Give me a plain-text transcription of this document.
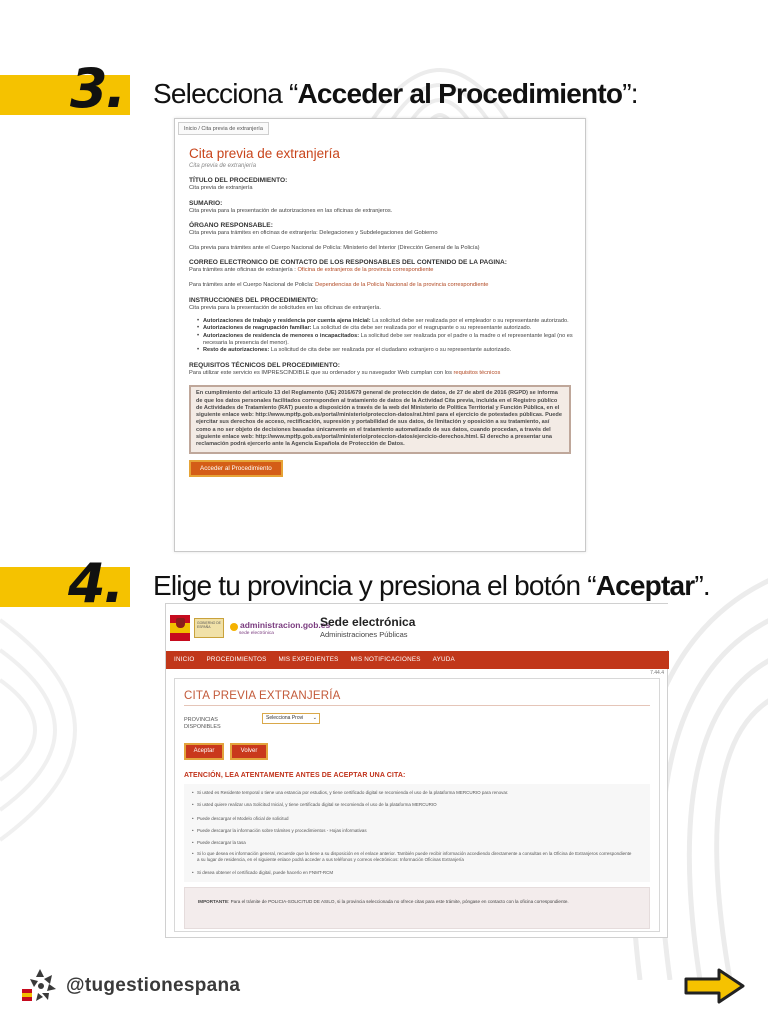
3. Selecciona “Acceder al Procedimiento”:
Inicio / Cita previa de extranjería
Cita previa de extranjería
Cita previa de extranjería
TÍTULO DEL PROCEDIMIENTO:
Cita previa de extranjería
SUMARIO:
Cita previa para la presentación de autorizaciones en las oficinas de extranjeros.
ÓRGANO RESPONSABLE:
Cita previa para trámites en oficinas de extranjería: Delegaciones y Subdelegaciones del Gobierno
Cita previa para trámites ante el Cuerpo Nacional de Policía: Ministerio del Interior (Dirección General de la Policía)
CORREO ELECTRONICO DE CONTACTO DE LOS RESPONSABLES DEL CONTENIDO DE LA PAGINA:
Para trámites ante oficinas de extranjería : Oficina de extranjeros de la provincia correspondiente
Para trámites ante el Cuerpo Nacional de Policía: Dependencias de la Policía Nacional de la provincia correspondiente
INSTRUCCIONES DEL PROCEDIMIENTO:
Cita previa para la presentación de solicitudes en las oficinas de extranjería.
• Autorizaciones de trabajo y residencia por cuenta ajena inicial: La solicitud debe ser realizada por el empleador o su representante autorizado.
• Autorizaciones de reagrupación familiar: La solicitud de cita debe ser realizada por el reagrupante o su representante autorizado.
• Autorizaciones de residencia de menores o incapacitados: La solicitud debe ser realizada por el padre o la madre o el representante legal (no es necesaria la presencia del menor).
• Resto de autorizaciones: La solicitud de cita debe ser realizada por el ciudadano extranjero o su representante autorizado.
REQUISITOS TÉCNICOS DEL PROCEDIMIENTO:
Para utilizar este servicio es IMPRESCINDIBLE que su ordenador y su navegador Web cumplan con los requisitos técnicos
En cumplimiento del artículo 13 del Reglamento (UE) 2016/679 general de protección de datos, de 27 de abril de 2016 (RGPD) se informa de que los datos personales facilitados corresponden al tratamiento de datos de la Actividad Cita previa, incluida en el Registro público de Actividades de Tratamiento (RAT) puesto a disposición a través de la web del Ministerio de Política Territorial y Función Pública, en el siguiente enlace web: http://www.mptfp.gob.es/portal/ministerio/proteccion-datos/rat.html para el ejercicio de potestades públicas. Puede ejercitar sus derechos de acceso, rectificación, supresión y portabilidad de sus datos, de limitación y oposición a su tratamiento, así como a no ser objeto de decisiones basadas únicamente en el tratamiento automatizado de sus datos, cuando procedan, a través del siguiente enlace web: http://www.mptfp.gob.es/portal/ministerio/proteccion-datos/ejercicio-derechos.html. El derecho a presentar una reclamación podrá ejercerlo ante la Agencia Española de Protección de Datos.
Acceder al Procedimiento
4. Elige tu provincia y presiona el botón “Aceptar”.
GOBIERNO DE ESPAÑA	administracion.gob.es
sede electrónica
Sede electrónica
Administraciones Públicas
INICIO PROCEDIMIENTOS MIS EXPEDIENTES MIS NOTIFICACIONES AYUDA
7.44.4
CITA PREVIA EXTRANJERÍA
PROVINCIAS DISPONIBLES
Selecciona Provi ⌄
Aceptar	Volver
ATENCIÓN, LEA ATENTAMENTE ANTES DE ACEPTAR UNA CITA:
• Si usted es Residente temporal o tiene una estancia por estudios, y tiene certificado digital se recomienda el uso de la plataforma MERCURIO para renovar.
• Si usted quiere realizar una Solicitud Inicial, y tiene certificado digital se recomienda el uso de la plataforma MERCURIO
• Puede descargar el Modelo oficial de solicitud
• Puede descargar la información sobre trámites y procedimientos - Hojas informativas
• Puede descargar la tasa
• Si lo que desea es información general, recuerde que la tiene a su disposición en el enlace anterior. También puede recibir información accediendo directamente a consultas en la Oficina de Extranjeros correspondiente a su lugar de residencia, en el siguiente enlace podrá acceder a sus teléfonos y correos electrónicos: Información Oficinas Extranjería
• Si desea obtener el certificado digital, puede hacerlo en FNMT-RCM
IMPORTANTE: Para el trámite de POLICIA-SOLICITUD DE ASILO, si la provincia seleccionada no ofrece citas para este trámite, póngase en contacto con la oficina correspondiente.
@tugestionespana
